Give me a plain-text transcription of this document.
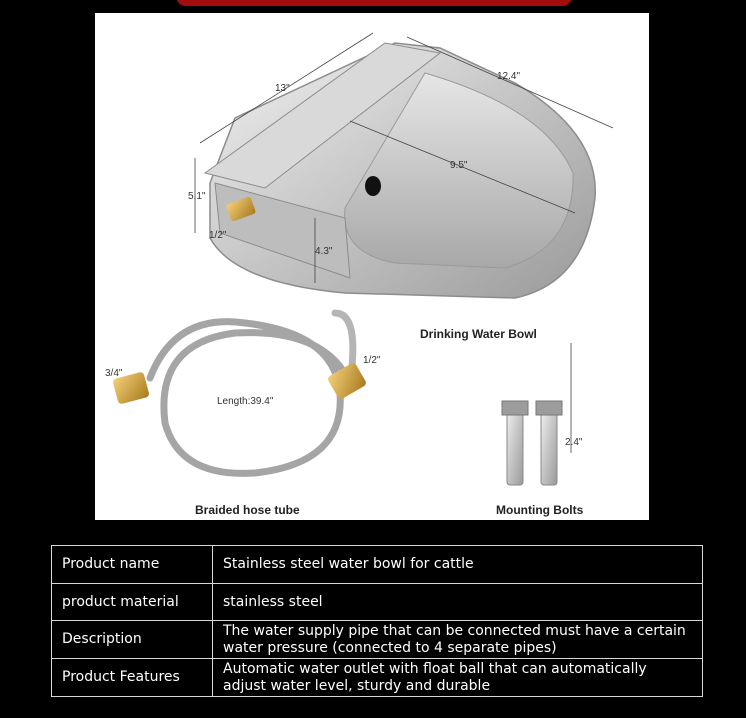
13"
12.4"
5.1"
1/2"
4.3"
9.5"
3/4"
1/2"
Length:39.4"
2.4"
Drinking Water Bowl
Braided hose tube	Mounting Bolts
Product name	Stainless steel water bowl for cattle
product material	stainless steel
Description	The water supply pipe that can be connected must have a certain water pressure (connected to 4 separate pipes)
Product Features	Automatic water outlet with float ball that can automatically adjust water level, sturdy and durable
